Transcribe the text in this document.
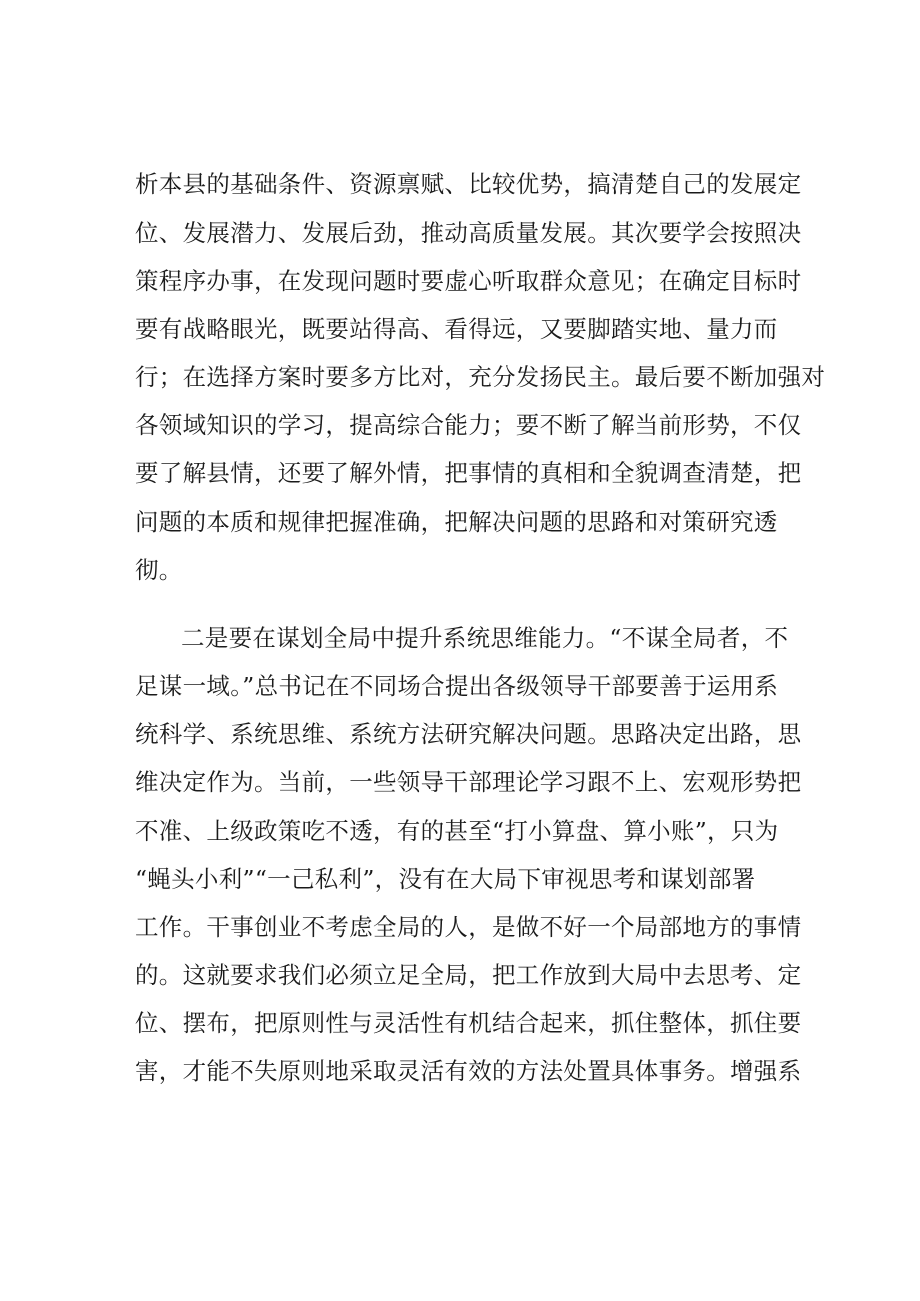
析本县的基础条件、资源禀赋、比较优势，搞清楚自己的发展定
位、发展潜力、发展后劲，推动高质量发展。其次要学会按照决
策程序办事，在发现问题时要虚心听取群众意见；在确定目标时
要有战略眼光，既要站得高、看得远，又要脚踏实地、量力而
行；在选择方案时要多方比对，充分发扬民主。最后要不断加强对
各领域知识的学习，提高综合能力；要不断了解当前形势，不仅
要了解县情，还要了解外情，把事情的真相和全貌调查清楚，把
问题的本质和规律把握准确，把解决问题的思路和对策研究透
彻。
二是要在谋划全局中提升系统思维能力。“不谋全局者，不
足谋一域。”总书记在不同场合提出各级领导干部要善于运用系
统科学、系统思维、系统方法研究解决问题。思路决定出路，思
维决定作为。当前，一些领导干部理论学习跟不上、宏观形势把
不准、上级政策吃不透，有的甚至“打小算盘、算小账”，只为
“蝇头小利”“一己私利”，没有在大局下审视思考和谋划部署
工作。干事创业不考虑全局的人，是做不好一个局部地方的事情
的。这就要求我们必须立足全局，把工作放到大局中去思考、定
位、摆布，把原则性与灵活性有机结合起来，抓住整体，抓住要
害，才能不失原则地采取灵活有效的方法处置具体事务。增强系
